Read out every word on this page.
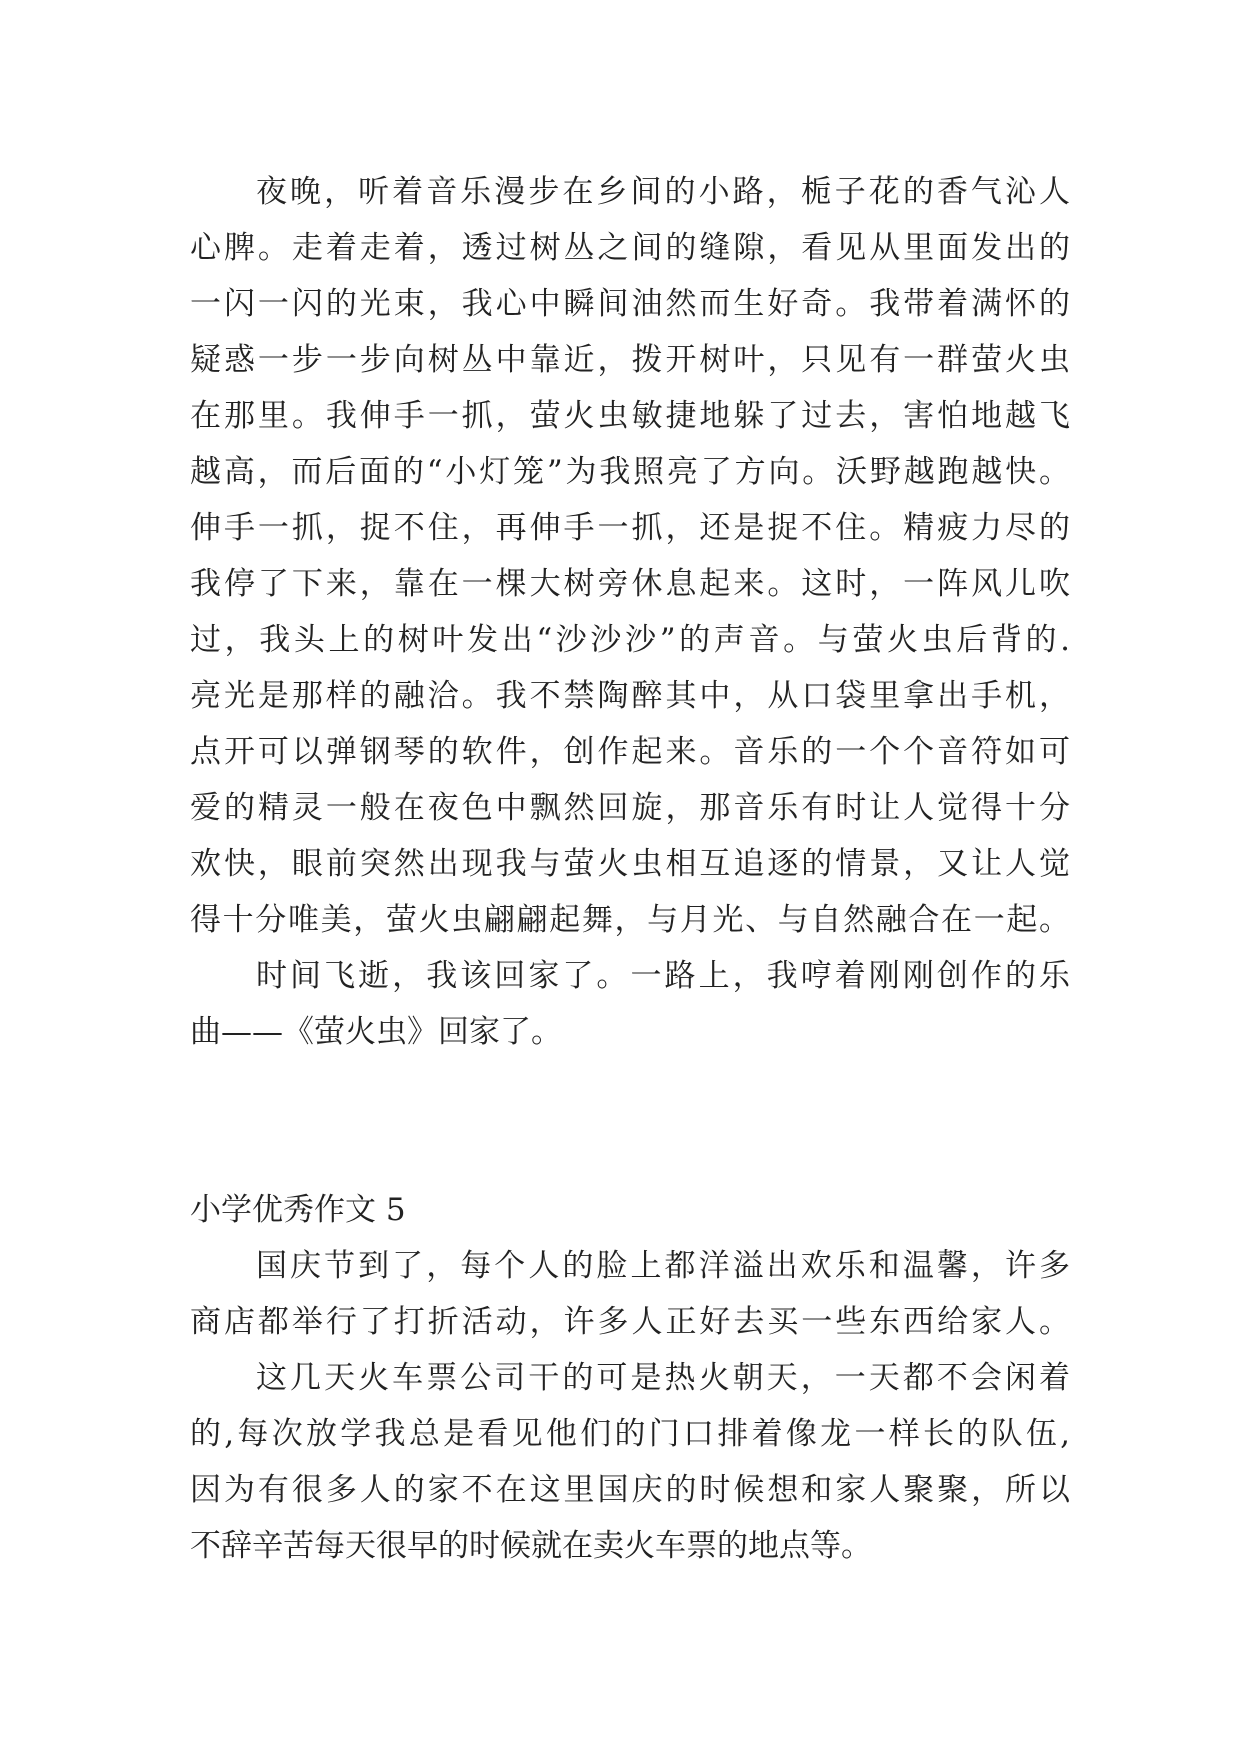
夜晚，听着音乐漫步在乡间的小路，栀子花的香气沁人
心脾。走着走着，透过树丛之间的缝隙，看见从里面发出的
一闪一闪的光束，我心中瞬间油然而生好奇。我带着满怀的
疑惑一步一步向树丛中靠近，拨开树叶，只见有一群萤火虫
在那里。我伸手一抓，萤火虫敏捷地躲了过去，害怕地越飞
越高，而后面的“小灯笼”为我照亮了方向。沃野越跑越快。
伸手一抓，捉不住，再伸手一抓，还是捉不住。精疲力尽的
我停了下来，靠在一棵大树旁休息起来。这时，一阵风儿吹
过，我头上的树叶发出“沙沙沙”的声音。与萤火虫后背的.
亮光是那样的融洽。我不禁陶醉其中，从口袋里拿出手机，
点开可以弹钢琴的软件，创作起来。音乐的一个个音符如可
爱的精灵一般在夜色中飘然回旋，那音乐有时让人觉得十分
欢快，眼前突然出现我与萤火虫相互追逐的情景，又让人觉
得十分唯美，萤火虫翩翩起舞，与月光、与自然融合在一起。
时间飞逝，我该回家了。一路上，我哼着刚刚创作的乐
曲——《萤火虫》回家了。
小学优秀作文 5
国庆节到了，每个人的脸上都洋溢出欢乐和温馨，许多
商店都举行了打折活动，许多人正好去买一些东西给家人。
这几天火车票公司干的可是热火朝天，一天都不会闲着
的,每次放学我总是看见他们的门口排着像龙一样长的队伍,
因为有很多人的家不在这里国庆的时候想和家人聚聚，所以
不辞辛苦每天很早的时候就在卖火车票的地点等。
